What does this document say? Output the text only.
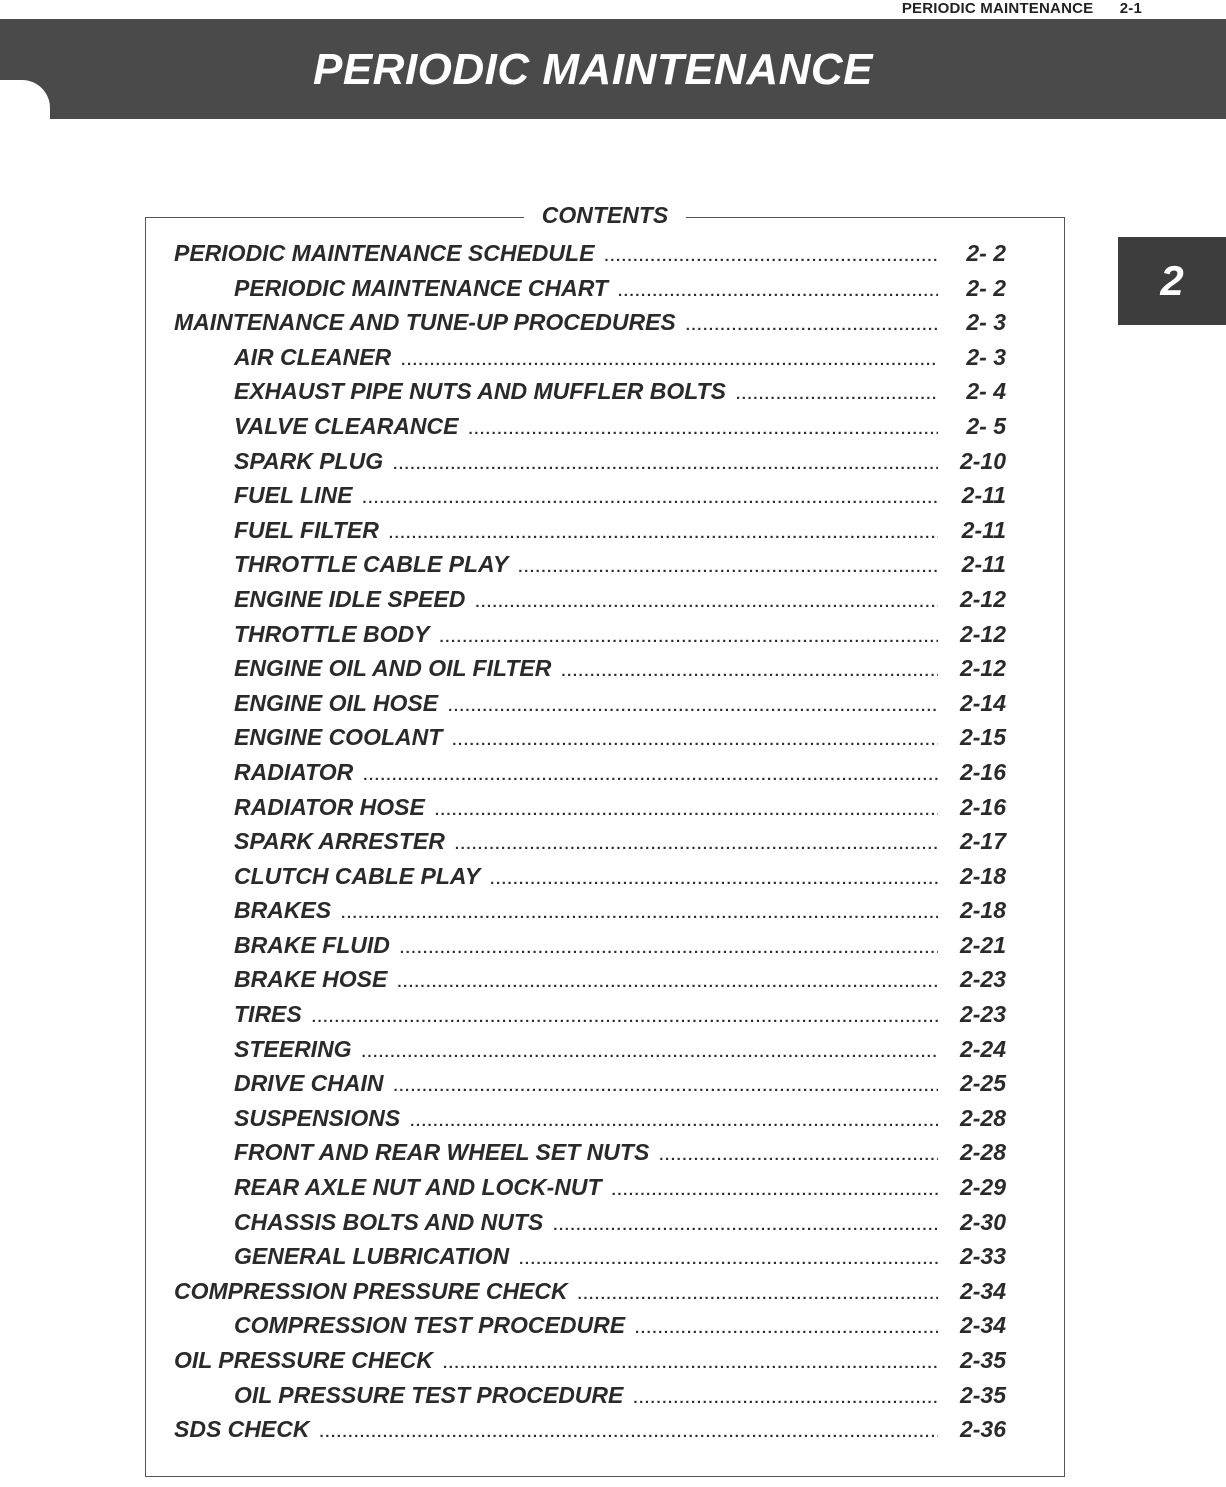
PERIODIC MAINTENANCE 2-1
PERIODIC MAINTENANCE
2
CONTENTS
PERIODIC MAINTENANCE SCHEDULE .....	2- 2
PERIODIC MAINTENANCE CHART .....	2- 2
MAINTENANCE AND TUNE-UP PROCEDURES .....	2- 3
AIR CLEANER .....	2- 3
EXHAUST PIPE NUTS AND MUFFLER BOLTS .....	2- 4
VALVE CLEARANCE .....	2- 5
SPARK PLUG .....	2-10
FUEL LINE .....	2-11
FUEL FILTER .....	2-11
THROTTLE CABLE PLAY .....	2-11
ENGINE IDLE SPEED .....	2-12
THROTTLE BODY .....	2-12
ENGINE OIL AND OIL FILTER .....	2-12
ENGINE OIL HOSE .....	2-14
ENGINE COOLANT .....	2-15
RADIATOR .....	2-16
RADIATOR HOSE .....	2-16
SPARK ARRESTER .....	2-17
CLUTCH CABLE PLAY .....	2-18
BRAKES .....	2-18
BRAKE FLUID .....	2-21
BRAKE HOSE .....	2-23
TIRES .....	2-23
STEERING .....	2-24
DRIVE CHAIN .....	2-25
SUSPENSIONS .....	2-28
FRONT AND REAR WHEEL SET NUTS .....	2-28
REAR AXLE NUT AND LOCK-NUT .....	2-29
CHASSIS BOLTS AND NUTS .....	2-30
GENERAL LUBRICATION .....	2-33
COMPRESSION PRESSURE CHECK .....	2-34
COMPRESSION TEST PROCEDURE .....	2-34
OIL PRESSURE CHECK .....	2-35
OIL PRESSURE TEST PROCEDURE .....	2-35
SDS CHECK .....	2-36
